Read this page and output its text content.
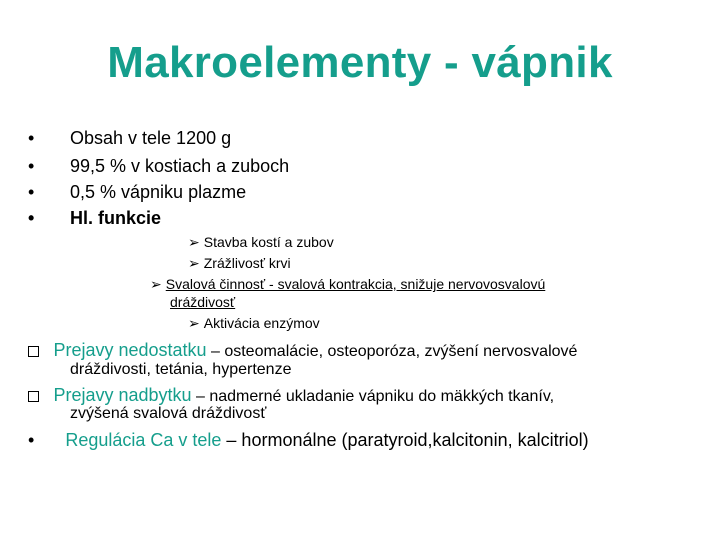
Makroelementy - vápnik
• Obsah v tele 1200 g
• 99,5 % v kostiach a zuboch
• 0,5 % vápniku plazme
• Hl. funkcie
➢ Stavba kostí a zubov
➢ Zrážlivosť krvi
➢ Svalová činnosť - svalová kontrakcia, snižuje nervovosvalovú
dráždivosť
➢ Aktivácia enzýmov
Prejavy nedostatku – osteomalácie, osteoporóza, zvýšení nervosvalové
dráždivosti, tetánia, hypertenze
Prejavy nadbytku – nadmerné ukladanie vápniku do mäkkých tkanív,
zvýšená svalová dráždivosť
• Regulácia Ca v tele – hormonálne (paratyroid,kalcitonin, kalcitriol)
